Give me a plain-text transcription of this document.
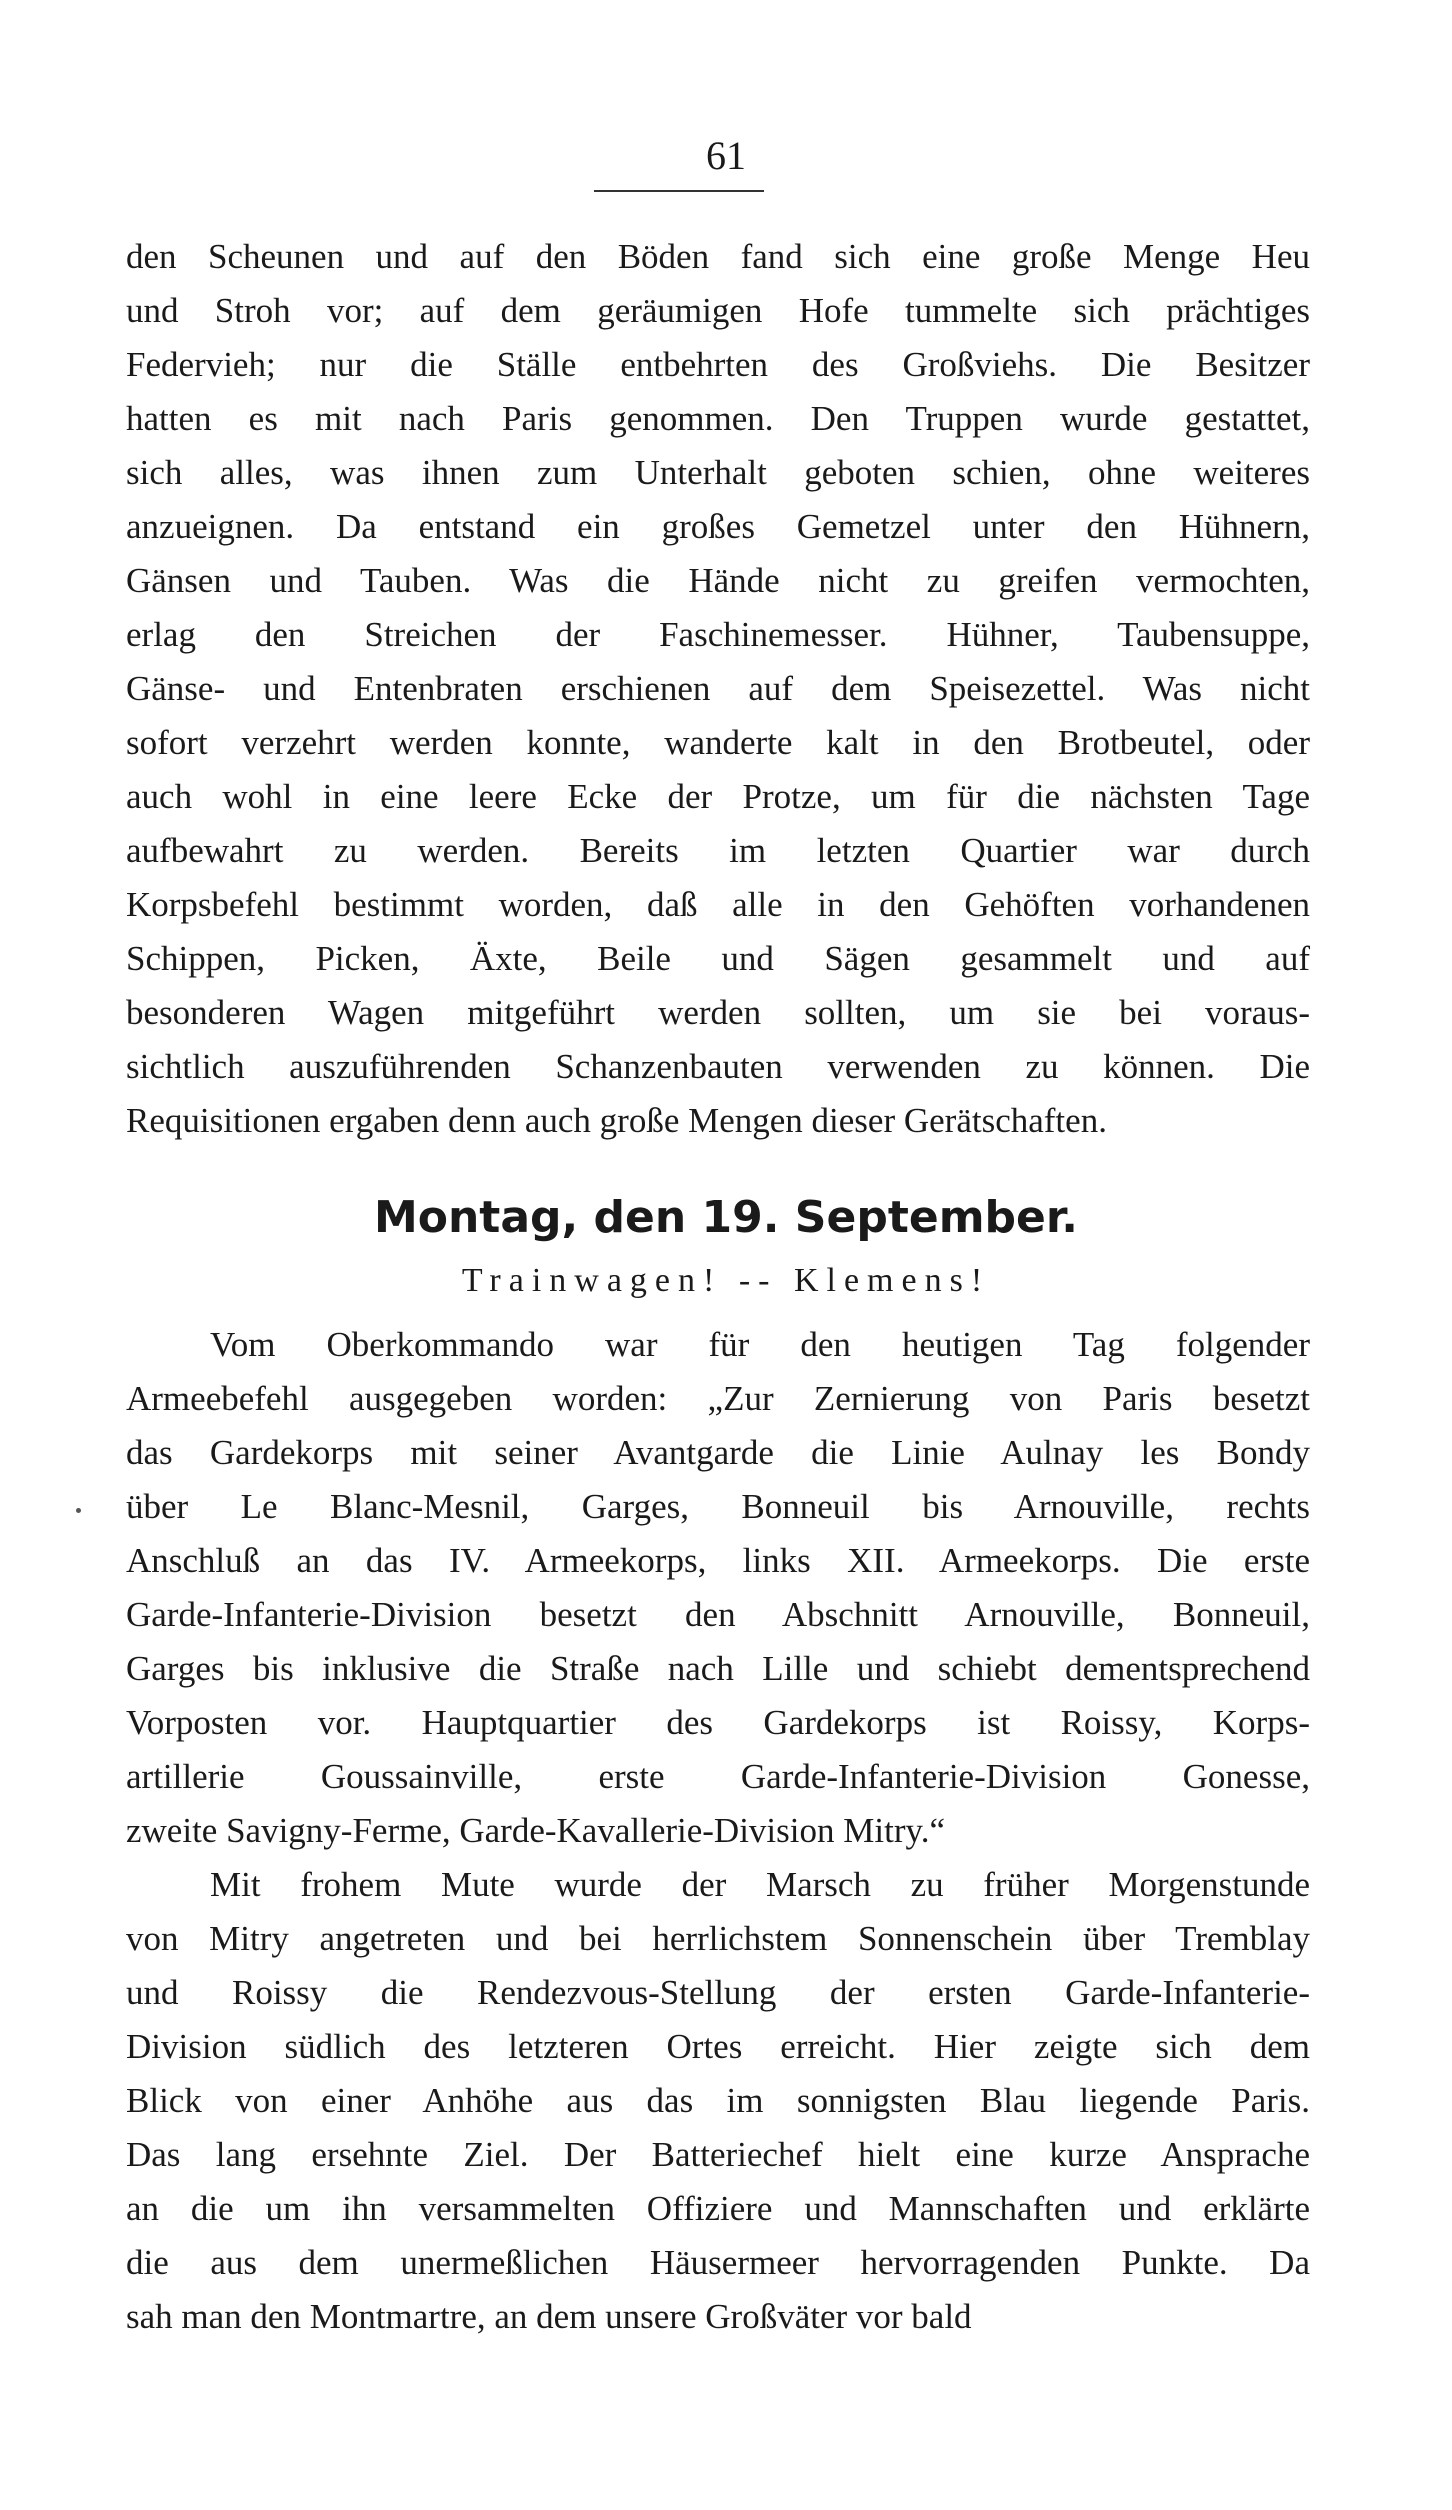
61
den Scheunen und auf den Böden fand sich eine große Menge Heu
und Stroh vor; auf dem geräumigen Hofe tummelte sich prächtiges
Federvieh; nur die Ställe entbehrten des Großviehs. Die Besitzer
hatten es mit nach Paris genommen. Den Truppen wurde gestattet,
sich alles, was ihnen zum Unterhalt geboten schien, ohne weiteres
anzueignen. Da entstand ein großes Gemetzel unter den Hühnern,
Gänsen und Tauben. Was die Hände nicht zu greifen vermochten,
erlag den Streichen der Faschinemesser. Hühner, Taubensuppe,
Gänse- und Entenbraten erschienen auf dem Speisezettel. Was nicht
sofort verzehrt werden konnte, wanderte kalt in den Brotbeutel, oder
auch wohl in eine leere Ecke der Protze, um für die nächsten Tage
aufbewahrt zu werden. Bereits im letzten Quartier war durch
Korpsbefehl bestimmt worden, daß alle in den Gehöften vorhandenen
Schippen, Picken, Äxte, Beile und Sägen gesammelt und auf
besonderen Wagen mitgeführt werden sollten, um sie bei voraus-
sichtlich auszuführenden Schanzenbauten verwenden zu können. Die
Requisitionen ergaben denn auch große Mengen dieser Gerätschaften.
Montag, den 19. September.
Trainwagen! -- Klemens!
Vom Oberkommando war für den heutigen Tag folgender
Armeebefehl ausgegeben worden: „Zur Zernierung von Paris besetzt
das Gardekorps mit seiner Avantgarde die Linie Aulnay les Bondy
über Le Blanc-Mesnil, Garges, Bonneuil bis Arnouville, rechts
Anschluß an das IV. Armeekorps, links XII. Armeekorps. Die erste
Garde-Infanterie-Division besetzt den Abschnitt Arnouville, Bonneuil,
Garges bis inklusive die Straße nach Lille und schiebt dementsprechend
Vorposten vor. Hauptquartier des Gardekorps ist Roissy, Korps-
artillerie Goussainville, erste Garde-Infanterie-Division Gonesse,
zweite Savigny-Ferme, Garde-Kavallerie-Division Mitry.“
Mit frohem Mute wurde der Marsch zu früher Morgenstunde
von Mitry angetreten und bei herrlichstem Sonnenschein über Tremblay
und Roissy die Rendezvous-Stellung der ersten Garde-Infanterie-
Division südlich des letzteren Ortes erreicht. Hier zeigte sich dem
Blick von einer Anhöhe aus das im sonnigsten Blau liegende Paris.
Das lang ersehnte Ziel. Der Batteriechef hielt eine kurze Ansprache
an die um ihn versammelten Offiziere und Mannschaften und erklärte
die aus dem unermeßlichen Häusermeer hervorragenden Punkte. Da
sah man den Montmartre, an dem unsere Großväter vor bald
